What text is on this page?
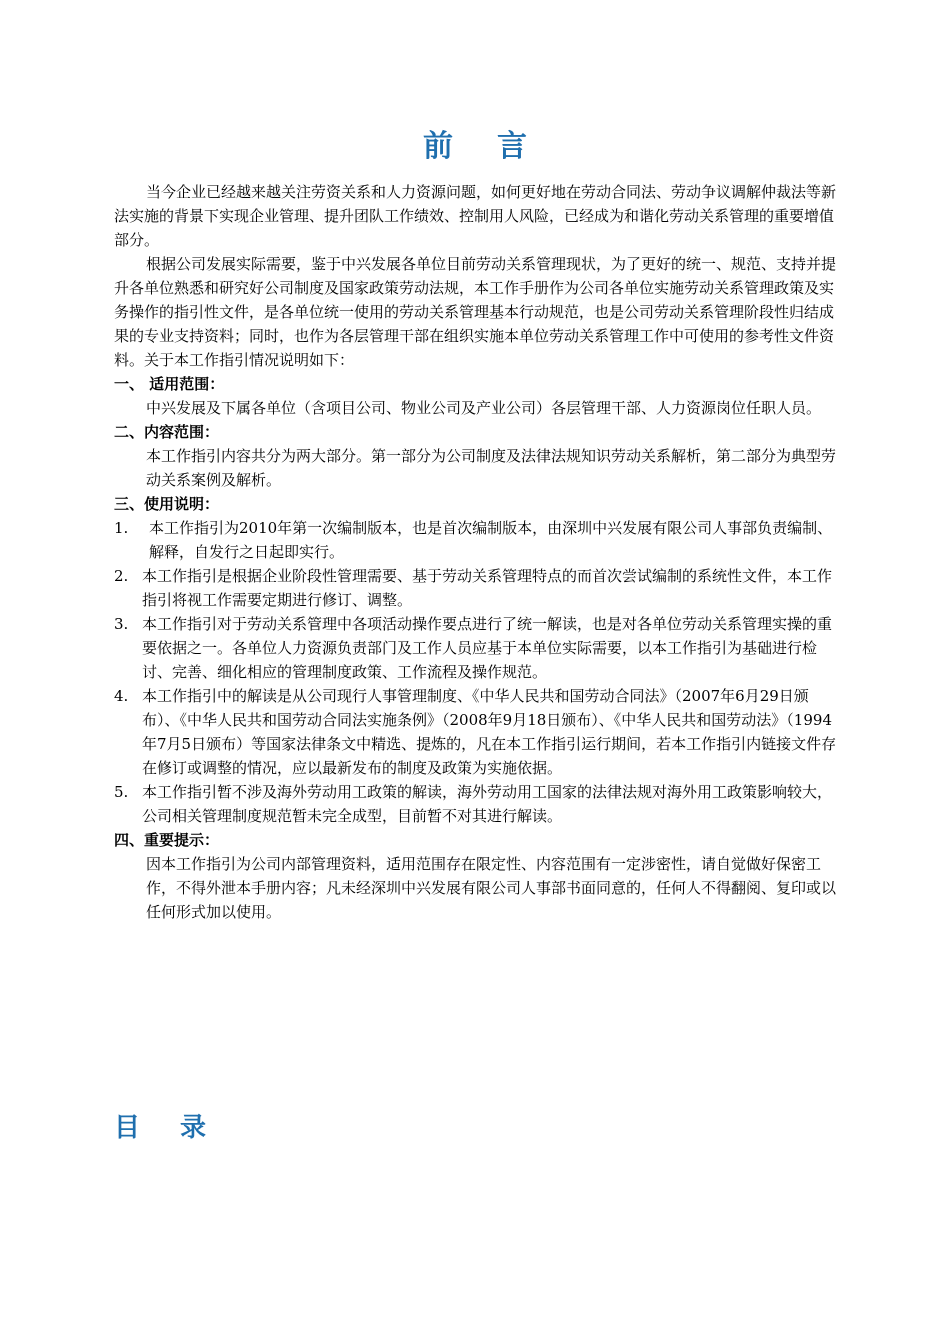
前言

当今企业已经越来越关注劳资关系和人力资源问题，如何更好地在劳动合同法、劳动争议调解仲裁法等新法实施的背景下实现企业管理、提升团队工作绩效、控制用人风险，已经成为和谐化劳动关系管理的重要增值部分。

根据公司发展实际需要，鉴于中兴发展各单位目前劳动关系管理现状，为了更好的统一、规范、支持并提升各单位熟悉和研究好公司制度及国家政策劳动法规，本工作手册作为公司各单位实施劳动关系管理政策及实务操作的指引性文件，是各单位统一使用的劳动关系管理基本行动规范，也是公司劳动关系管理阶段性归结成果的专业支持资料；同时，也作为各层管理干部在组织实施本单位劳动关系管理工作中可使用的参考性文件资料。关于本工作指引情况说明如下：

一、 适用范围：

中兴发展及下属各单位（含项目公司、物业公司及产业公司）各层管理干部、人力资源岗位任职人员。

二、内容范围：

本工作指引内容共分为两大部分。第一部分为公司制度及法律法规知识劳动关系解析，第二部分为典型劳动关系案例及解析。

三、使用说明：

1.	本工作指引为2010年第一次编制版本，也是首次编制版本，由深圳中兴发展有限公司人事部负责编制、解释，自发行之日起即实行。
2. 本工作指引是根据企业阶段性管理需要、基于劳动关系管理特点的而首次尝试编制的系统性文件，本工作指引将视工作需要定期进行修订、调整。
3. 本工作指引对于劳动关系管理中各项活动操作要点进行了统一解读，也是对各单位劳动关系管理实操的重要依据之一。各单位人力资源负责部门及工作人员应基于本单位实际需要，以本工作指引为基础进行检讨、完善、细化相应的管理制度政策、工作流程及操作规范。
4. 本工作指引中的解读是从公司现行人事管理制度、《中华人民共和国劳动合同法》（2007年6月29日颁布）、《中华人民共和国劳动合同法实施条例》（2008年9月18日颁布）、《中华人民共和国劳动法》（1994年7月5日颁布）等国家法律条文中精选、提炼的，凡在本工作指引运行期间，若本工作指引内链接文件存在修订或调整的情况，应以最新发布的制度及政策为实施依据。
5. 本工作指引暂不涉及海外劳动用工政策的解读，海外劳动用工国家的法律法规对海外用工政策影响较大，公司相关管理制度规范暂未完全成型，目前暂不对其进行解读。

四、重要提示：

因本工作指引为公司内部管理资料，适用范围存在限定性、内容范围有一定涉密性，请自觉做好保密工作，不得外泄本手册内容；凡未经深圳中兴发展有限公司人事部书面同意的，任何人不得翻阅、复印或以任何形式加以使用。

目录
